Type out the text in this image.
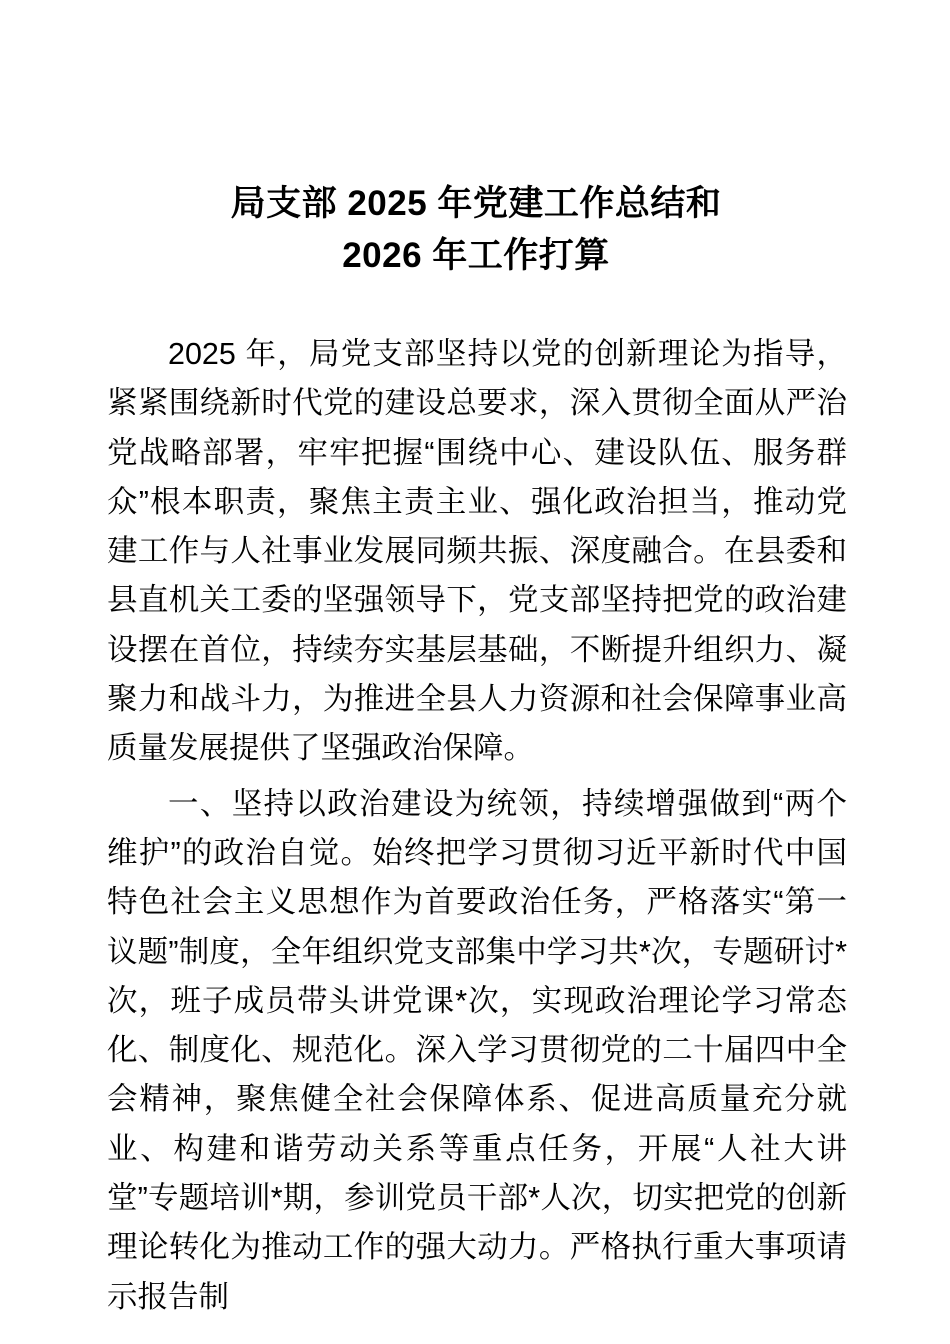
局支部 2025 年党建工作总结和
2026 年工作打算

2025 年，局党支部坚持以党的创新理论为指导，紧紧围绕新时代党的建设总要求，深入贯彻全面从严治党战略部署，牢牢把握“围绕中心、建设队伍、服务群众”根本职责，聚焦主责主业、强化政治担当，推动党建工作与人社事业发展同频共振、深度融合。在县委和县直机关工委的坚强领导下，党支部坚持把党的政治建设摆在首位，持续夯实基层基础，不断提升组织力、凝聚力和战斗力，为推进全县人力资源和社会保障事业高质量发展提供了坚强政治保障。

一、坚持以政治建设为统领，持续增强做到“两个维护”的政治自觉。始终把学习贯彻习近平新时代中国特色社会主义思想作为首要政治任务，严格落实“第一议题”制度，全年组织党支部集中学习共*次，专题研讨*次，班子成员带头讲党课*次，实现政治理论学习常态化、制度化、规范化。深入学习贯彻党的二十届四中全会精神，聚焦健全社会保障体系、促进高质量充分就业、构建和谐劳动关系等重点任务，开展“人社大讲堂”专题培训*期，参训党员干部*人次，切实把党的创新理论转化为推动工作的强大动力。严格执行重大事项请示报告制
